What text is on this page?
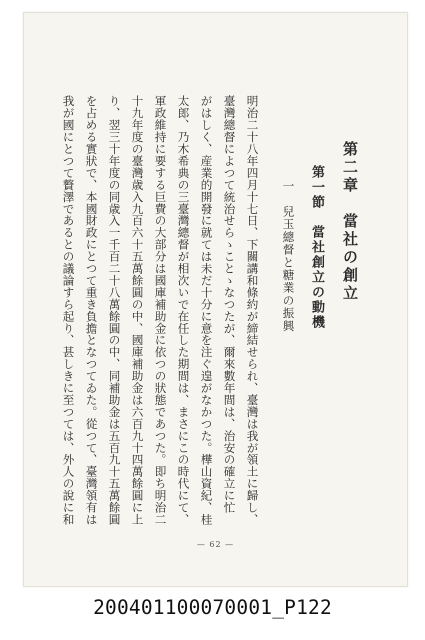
第二章　當社の創立
第一節　當社創立の動機
一　兒玉總督と糖業の振興
明治二十八年四月十七日、下關講和條約が締結せられ、臺灣は我が領土に歸し、
臺灣總督によつて統治せらゝことゝなつたが、爾來數年間は、治安の確立に忙
がはしく、産業的開發に就ては未だ十分に意を注ぐ遑がなかつた。樺山資紀、桂
太郎、乃木希典の三臺灣總督が相次いで在任した期間は、まさにこの時代にて、
軍政維持に要する巨費の大部分は國庫補助金に依つの狀態であつた。即ち明治二
十九年度の臺灣歳入九百六十五萬餘圓の中、國庫補助金は六百九十四萬餘圓に上
り、翌三十年度の同歳入一千百二十八萬餘圓の中、同補助金は五百九十五萬餘圓
を占める實狀で、本國財政にとつて重き負擔となつてゐた。從つて、臺灣領有は
我が國にとつて贅澤であるとの議論すら起り、甚しきに至つては、外人の說に和
— 62 —
200401100070001_P122
